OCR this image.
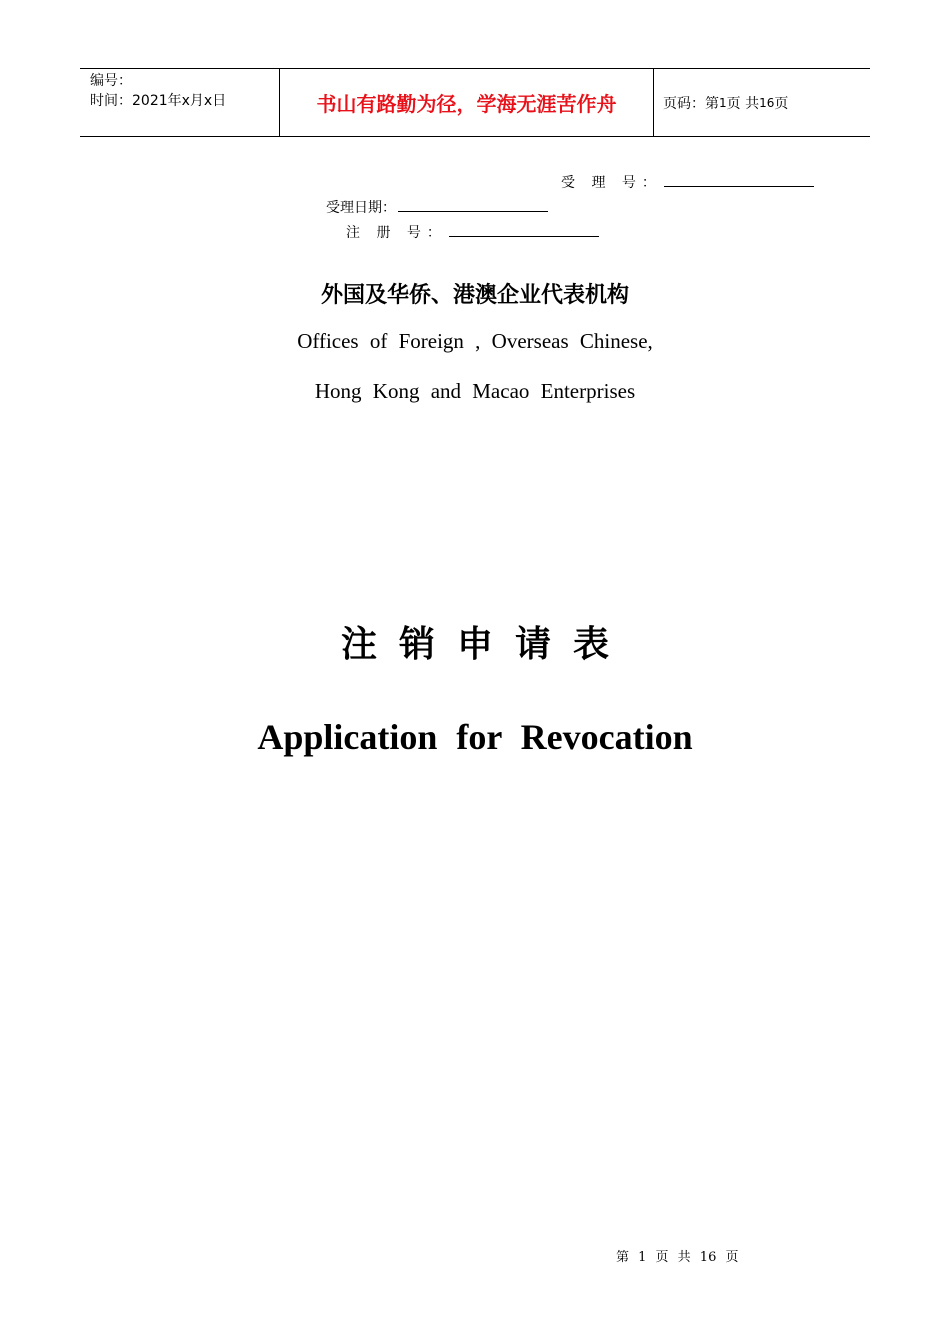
编号：
时间：2021年x月x日	书山有路勤为径，学海无涯苦作舟	页码：第 1 页 共 16 页
受 理 号：
受理日期：
注 册 号：
外国及华侨、港澳企业代表机构
Offices of Foreign , Overseas Chinese,
Hong Kong and Macao Enterprises
注销申请表
Application for Revocation
第 1 页 共 16 页
